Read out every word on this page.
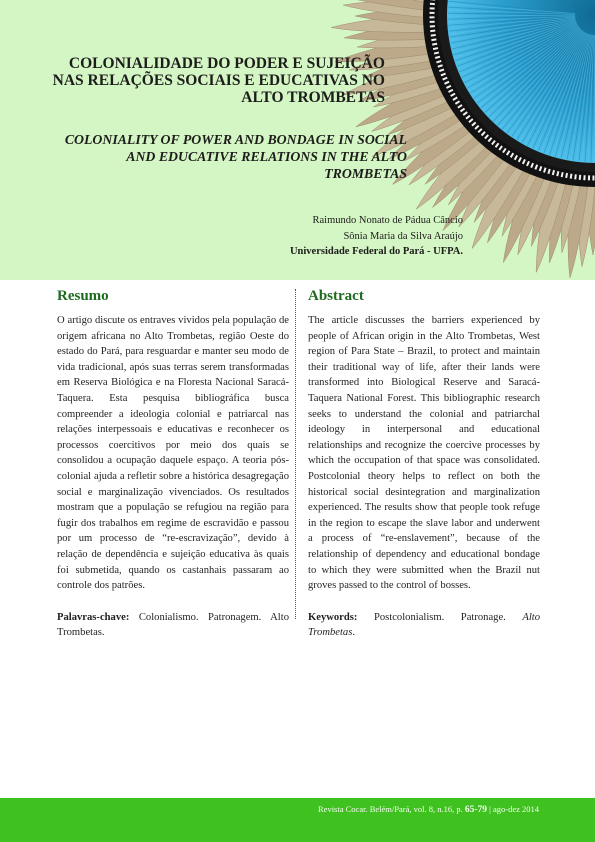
COLONIALIDADE DO PODER E SUJEIÇÃO NAS RELAÇÕES SOCIAIS E EDUCATIVAS NO ALTO TROMBETAS
COLONIALITY OF POWER AND BONDAGE IN SOCIAL AND EDUCATIVE RELATIONS IN THE ALTO TROMBETAS
Raimundo Nonato de Pádua Câncio
Sônia Maria da Silva Araújo
Universidade Federal do Pará - UFPA.
Resumo

O artigo discute os entraves vividos pela população de origem africana no Alto Trombetas, região Oeste do estado do Pará, para resguardar e manter seu modo de vida tradicional, após suas terras serem transformadas em Reserva Biológica e na Floresta Nacional Saracá-Taquera. Esta pesquisa bibliográfica busca compreender a ideologia colonial e patriarcal nas relações interpessoais e educativas e reconhecer os processos coercitivos por meio dos quais se consolidou a ocupação daquele espaço. A teoria pós-colonial ajuda a refletir sobre a histórica desagregação social e marginalização vivenciados. Os resultados mostram que a população se refugiou na região para fugir dos trabalhos em regime de escravidão e passou por um processo de “re-escravização”, devido à relação de dependência e sujeição educativa às quais foi submetida, quando os castanhais passaram ao controle dos patrões.

Palavras-chave: Colonialismo. Patronagem. Alto Trombetas.

Abstract

The article discusses the barriers experienced by people of African origin in the Alto Trombetas, West region of Para State – Brazil, to protect and maintain their traditional way of life, after their lands were transformed into Biological Reserve and Saracá-Taquera National Forest. This bibliographic research seeks to understand the colonial and patriarchal ideology in interpersonal and educational relationships and recognize the coercive processes by which the occupation of that space was consolidated. Postcolonial theory helps to reflect on both the historical social desintegration and marginalization experienced. The results show that people took refuge in the region to escape the slave labor and underwent a process of “re-enslavement”, because of the relationship of dependency and educational bondage to which they were submitted when the Brazil nut groves passed to the control of bosses.

Keywords: Postcolonialism. Patronage. Alto Trombetas.

Revista Cocar. Belém/Pará, vol. 8, n.16, p. 65-79 | ago-dez 2014
